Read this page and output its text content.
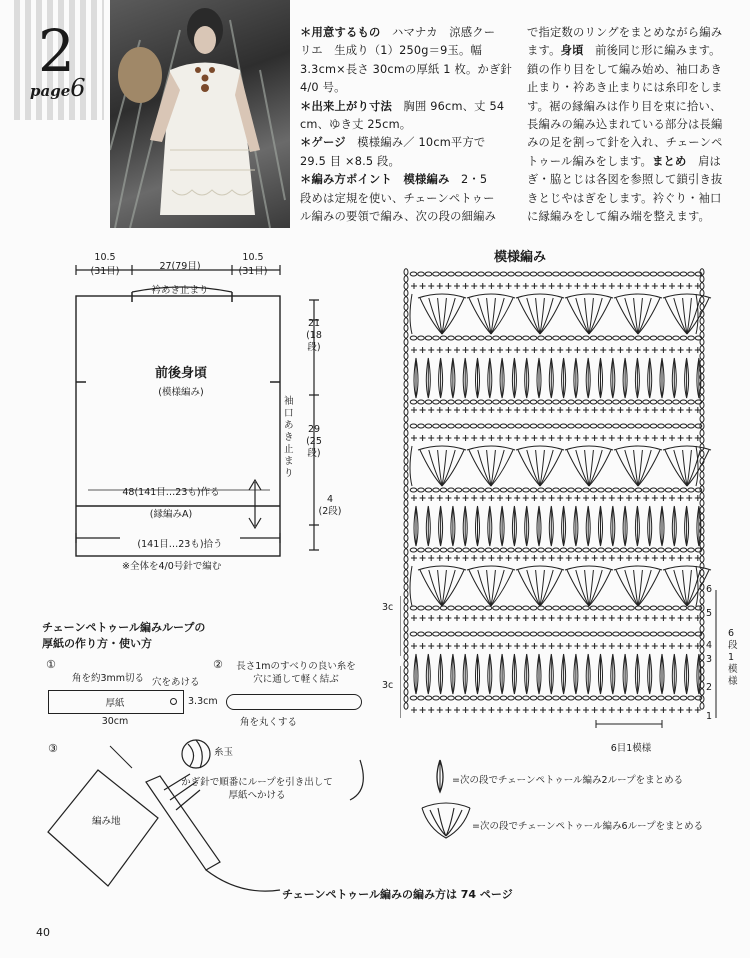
2
page6
＊用意するもの　 ハマナカ　涼感クー
リエ　生成り（1）250g＝9玉。幅
3.3cm×長さ 30cmの厚紙 1 枚。かぎ針
4/0 号。
＊出来上がり寸法　 胸囲 96cm、丈 54
cm、ゆき丈 25cm。
＊ゲージ　 模様編み／ 10cm平方で
29.5 目 ×8.5 段。
＊編み方ポイント　 模様編み　 2・5
段めは定規を使い、チェーンペトゥー
ル編みの要領で編み、次の段の細編み
で指定数のリングをまとめながら編み
ます。身頃　 前後同じ形に編みます。
鎖の作り目をして編み始め、袖口あき
止まり・衿あき止まりには糸印をしま
す。裾の縁編みは作り目を束に拾い、
長編みの編み込まれている部分は長編
みの足を割って針を入れ、チェーンペ
トゥール編みをします。まとめ　 肩は
ぎ・脇とじは各図を参照して鎖引き抜
きとじやはぎをします。衿ぐり・袖口
に縁編みをして編み端を整えます。
10.5
(31目)	27(79目)
10.5
(31目)
衿あき止まり
前後身頃
(模様編み)
21
(18段)
29
(25段)
4
(2段)
袖口あき止まり
48(141目…23も)作る
(縁編みA)
(141目…23も)拾う
※全体を4/0号針で編む
チェーンペトゥール編みループの
厚紙の作り方・使い方
①
角を約3mm切る 穴をあける
厚紙	3.3cm
30cm
②	長さ1mのすべりの良い糸を
穴に通して軽く結ぶ
角を丸くする
③	糸玉
かぎ針で順番にループを引き出して
厚紙へかける
編み地
模様編み
3c
3c
6目1模様
6段1模様
6
5
4
3
2
1
=次の段でチェーンペトゥール編み2ループをまとめる
=次の段でチェーンペトゥール編み6ループをまとめる
チェーンペトゥール編みの編み方は 74 ページ
40
